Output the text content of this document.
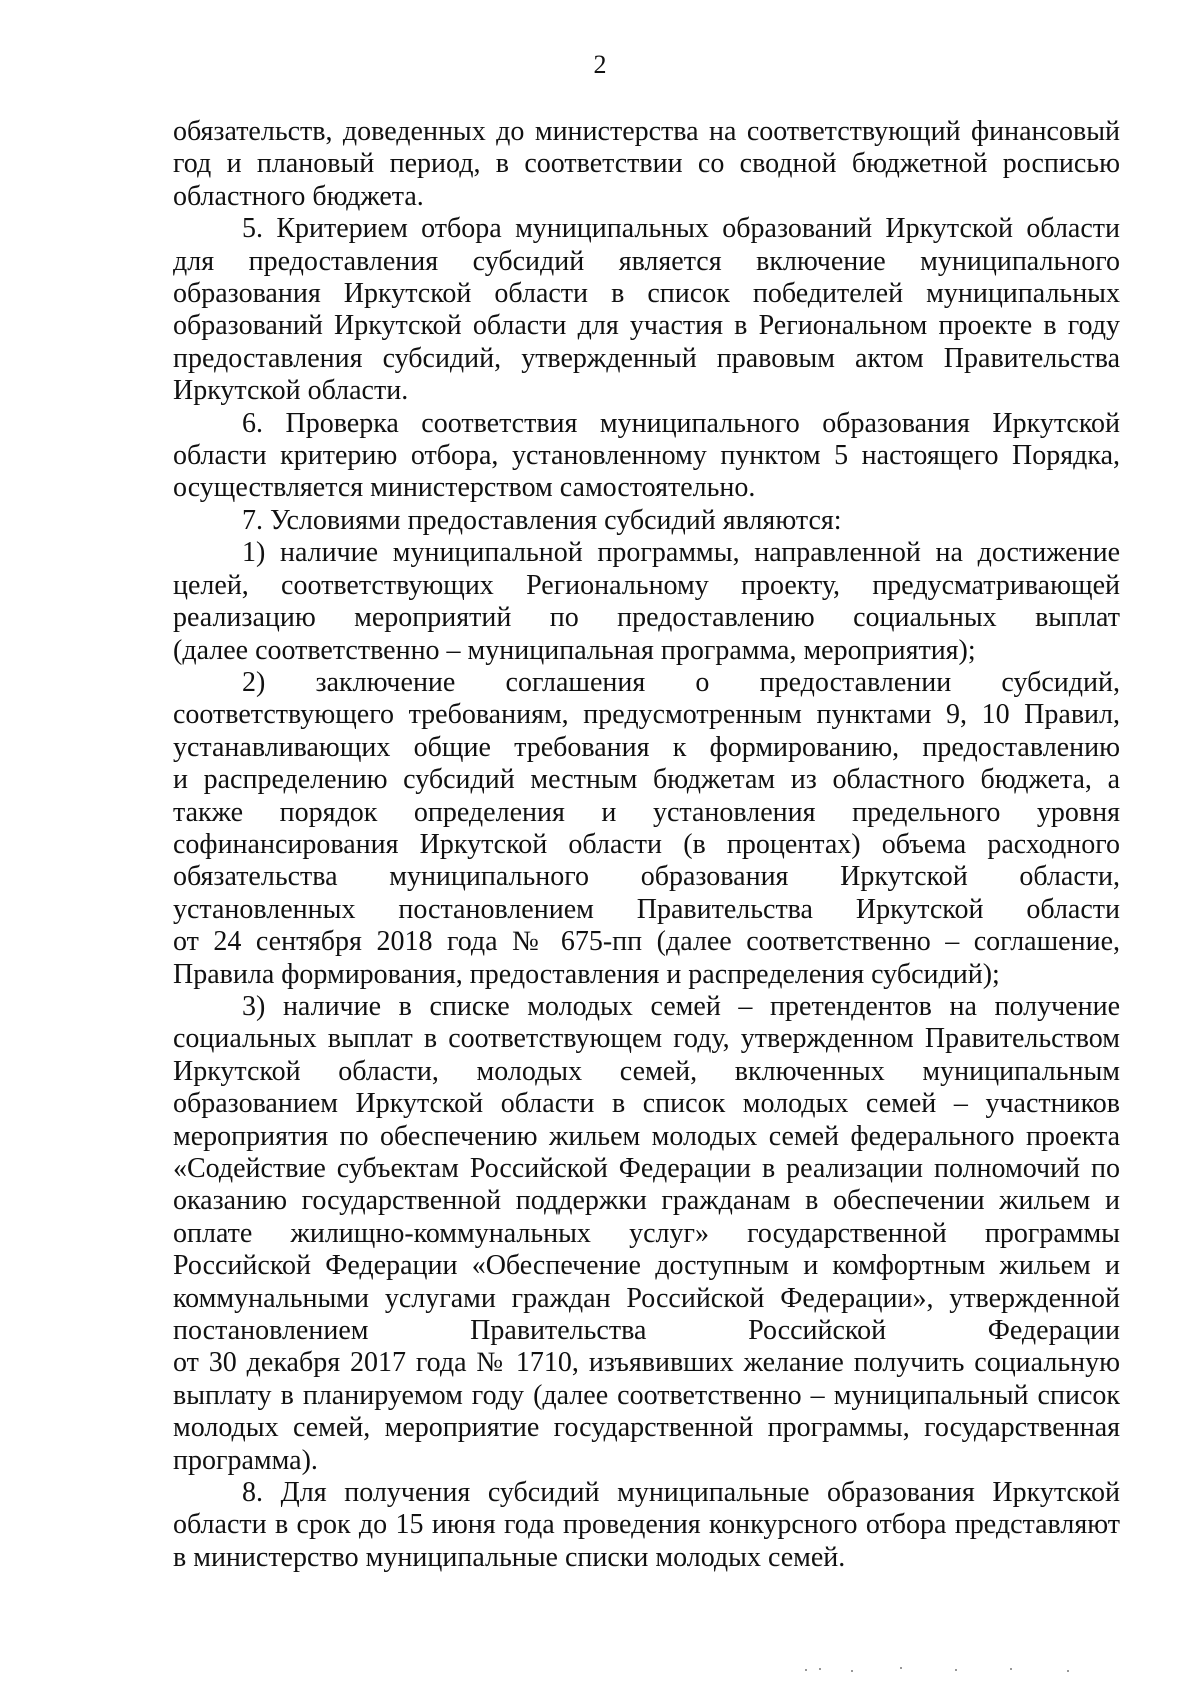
2
обязательств, доведенных до министерства на соответствующий финансовый
год и плановый период, в соответствии со сводной бюджетной росписью
областного бюджета.
5. Критерием отбора муниципальных образований Иркутской области
для предоставления субсидий является включение муниципального
образования Иркутской области в список победителей муниципальных
образований Иркутской области для участия в Региональном проекте в году
предоставления субсидий, утвержденный правовым актом Правительства
Иркутской области.
6. Проверка соответствия муниципального образования Иркутской
области критерию отбора, установленному пунктом 5 настоящего Порядка,
осуществляется министерством самостоятельно.
7. Условиями предоставления субсидий являются:
1) наличие муниципальной программы, направленной на достижение
целей, соответствующих Региональному проекту, предусматривающей
реализацию мероприятий по предоставлению социальных выплат
(далее соответственно – муниципальная программа, мероприятия);
2) заключение соглашения о предоставлении субсидий,
соответствующего требованиям, предусмотренным пунктами 9, 10 Правил,
устанавливающих общие требования к формированию, предоставлению
и распределению субсидий местным бюджетам из областного бюджета, а
также порядок определения и установления предельного уровня
софинансирования Иркутской области (в процентах) объема расходного
обязательства муниципального образования Иркутской области,
установленных постановлением Правительства Иркутской области
от 24 сентября 2018 года № 675-пп (далее соответственно – соглашение,
Правила формирования, предоставления и распределения субсидий);
3) наличие в списке молодых семей – претендентов на получение
социальных выплат в соответствующем году, утвержденном Правительством
Иркутской области, молодых семей, включенных муниципальным
образованием Иркутской области в список молодых семей – участников
мероприятия по обеспечению жильем молодых семей федерального проекта
«Содействие субъектам Российской Федерации в реализации полномочий по
оказанию государственной поддержки гражданам в обеспечении жильем и
оплате жилищно-коммунальных услуг» государственной программы
Российской Федерации «Обеспечение доступным и комфортным жильем и
коммунальными услугами граждан Российской Федерации», утвержденной
постановлением Правительства Российской Федерации
от 30 декабря 2017 года № 1710, изъявивших желание получить социальную
выплату в планируемом году (далее соответственно – муниципальный список
молодых семей, мероприятие государственной программы, государственная
программа).
8. Для получения субсидий муниципальные образования Иркутской
области в срок до 15 июня года проведения конкурсного отбора представляют
в министерство муниципальные списки молодых семей.
